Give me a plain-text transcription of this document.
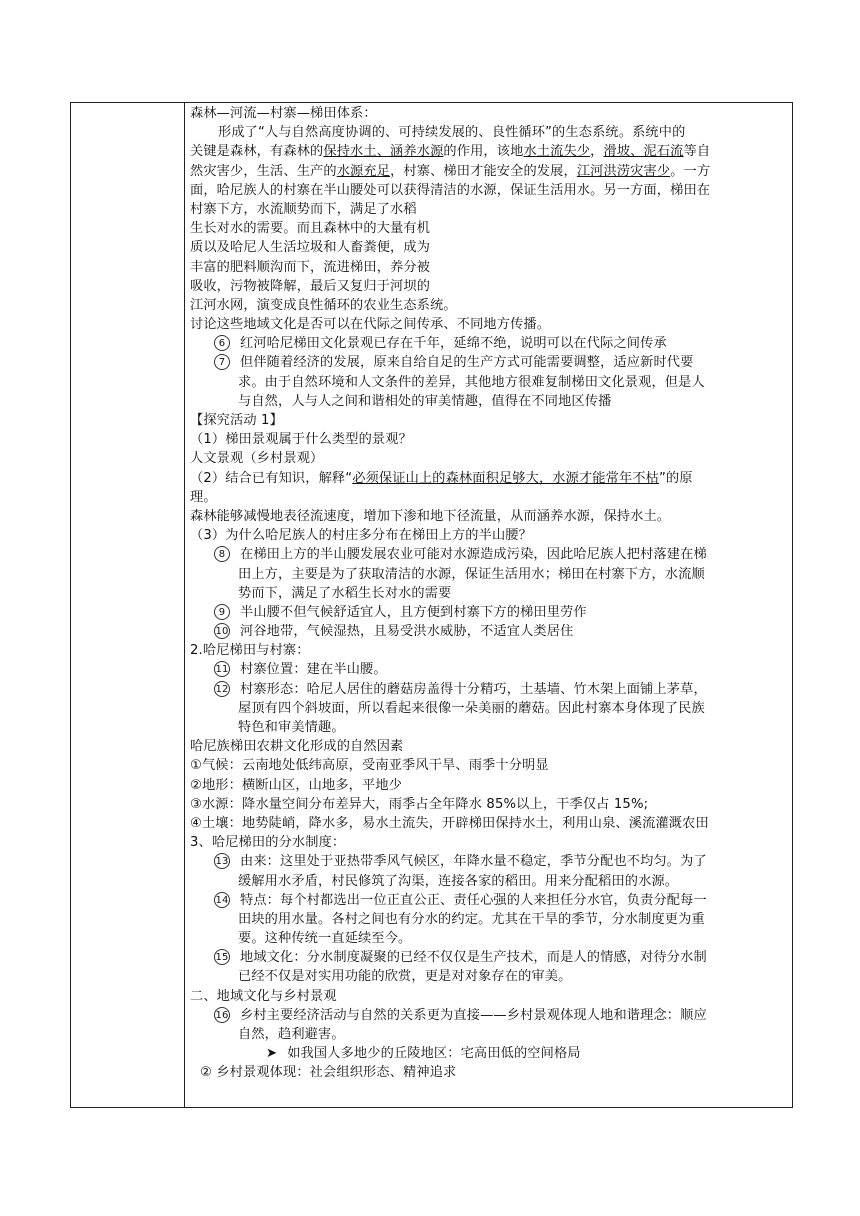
森林—河流—村寨—梯田体系：
形成了“人与自然高度协调的、可持续发展的、良性循环”的生态系统。系统中的
关键是森林，有森林的保持水土、涵养水源的作用，该地水土流失少，滑坡、泥石流等自
然灾害少，生活、生产的水源充足，村寨、梯田才能安全的发展，江河洪涝灾害少。一方
面，哈尼族人的村寨在半山腰处可以获得清洁的水源，保证生活用水。另一方面，梯田在
村寨下方，水流顺势而下，满足了水稻
生长对水的需要。而且森林中的大量有机
质以及哈尼人生活垃圾和人畜粪便，成为
丰富的肥料顺沟而下，流进梯田，养分被
吸收，污物被降解，最后又复归于河坝的
江河水网，演变成良性循环的农业生态系统。
讨论这些地域文化是否可以在代际之间传承、不同地方传播。
6 红河哈尼梯田文化景观已存在千年，延绵不绝，说明可以在代际之间传承
7 但伴随着经济的发展，原来自给自足的生产方式可能需要调整，适应新时代要
求。由于自然环境和人文条件的差异，其他地方很难复制梯田文化景观，但是人
与自然，人与人之间和谐相处的审美情趣，值得在不同地区传播
【探究活动 1】
（1）梯田景观属于什么类型的景观？
人文景观（乡村景观）
（2）结合已有知识，解释“必须保证山上的森林面积足够大，水源才能常年不枯”的原
理。
森林能够减慢地表径流速度，增加下渗和地下径流量，从而涵养水源，保持水土。
（3）为什么哈尼族人的村庄多分布在梯田上方的半山腰？
8 在梯田上方的半山腰发展农业可能对水源造成污染，因此哈尼族人把村落建在梯
田上方，主要是为了获取清洁的水源，保证生活用水；梯田在村寨下方，水流顺
势而下，满足了水稻生长对水的需要
9 半山腰不但气候舒适宜人，且方便到村寨下方的梯田里劳作
10 河谷地带，气候湿热，且易受洪水威胁，不适宜人类居住
2.哈尼梯田与村寨：
11 村寨位置：建在半山腰。
12 村寨形态：哈尼人居住的蘑菇房盖得十分精巧，土基墙、竹木架上面铺上茅草，
屋顶有四个斜坡面，所以看起来很像一朵美丽的蘑菇。因此村寨本身体现了民族
特色和审美情趣。
哈尼族梯田农耕文化形成的自然因素
①气候：云南地处低纬高原，受南亚季风干旱、雨季十分明显
②地形：横断山区，山地多，平地少
③水源：降水量空间分布差异大，雨季占全年降水 85%以上，干季仅占 15%;
④土壤：地势陡峭，降水多，易水土流失，开辟梯田保持水土，利用山泉、溪流灌溉农田
3、哈尼梯田的分水制度：
13 由来：这里处于亚热带季风气候区，年降水量不稳定，季节分配也不均匀。为了
缓解用水矛盾，村民修筑了沟渠，连接各家的稻田。用来分配稻田的水源。
14 特点：每个村都选出一位正直公正、责任心强的人来担任分水官，负责分配每一
田块的用水量。各村之间也有分水的约定。尤其在干旱的季节，分水制度更为重
要。这种传统一直延续至今。
15 地域文化：分水制度凝聚的已经不仅仅是生产技术，而是人的情感，对待分水制
已经不仅是对实用功能的欣赏，更是对对象存在的审美。
二、地域文化与乡村景观
16 乡村主要经济活动与自然的关系更为直接——乡村景观体现人地和谐理念：顺应
自然，趋利避害。
➤ 如我国人多地少的丘陵地区：宅高田低的空间格局
② 乡村景观体现：社会组织形态、精神追求
